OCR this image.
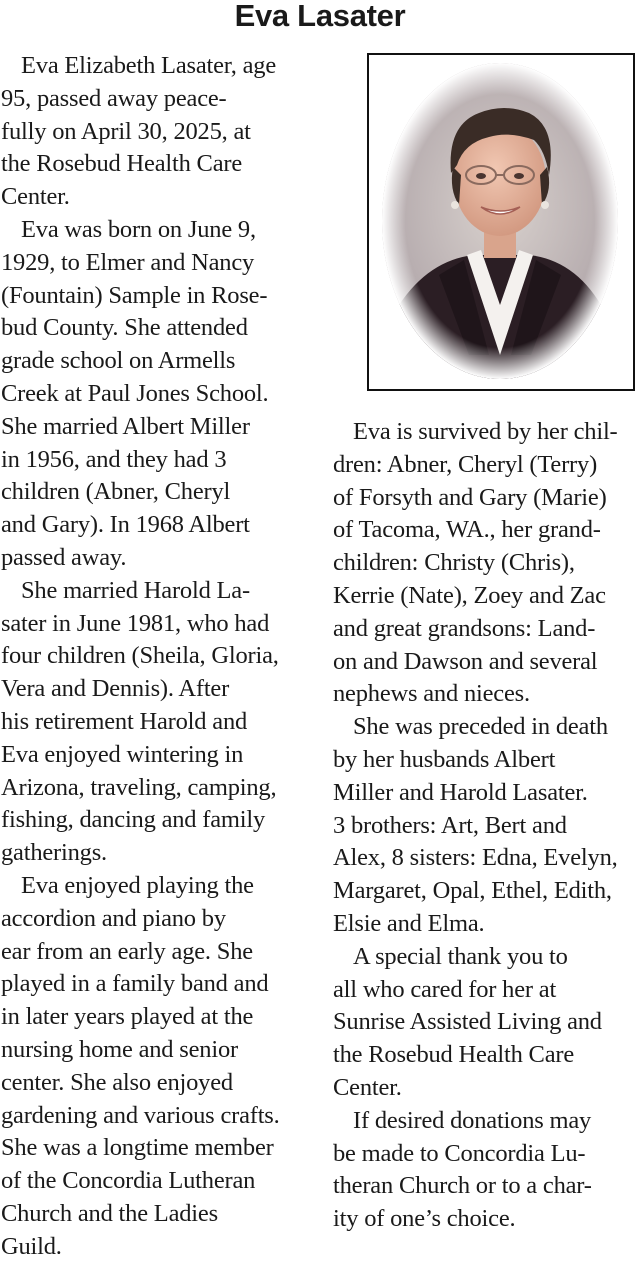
Eva Lasater
Eva Elizabeth Lasater, age
95, passed away peace-
fully on April 30, 2025, at
the Rosebud Health Care
Center.
Eva was born on June 9,
1929, to Elmer and Nancy
(Fountain) Sample in Rose-
bud County. She attended
grade school on Armells
Creek at Paul Jones School.
She married Albert Miller
in 1956, and they had 3
children (Abner, Cheryl
and Gary). In 1968 Albert
passed away.
She married Harold La-
sater in June 1981, who had
four children (Sheila, Gloria,
Vera and Dennis). After
his retirement Harold and
Eva enjoyed wintering in
Arizona, traveling, camping,
fishing, dancing and family
gatherings.
Eva enjoyed playing the
accordion and piano by
ear from an early age. She
played in a family band and
in later years played at the
nursing home and senior
center. She also enjoyed
gardening and various crafts.
She was a longtime member
of the Concordia Lutheran
Church and the Ladies
Guild.
Eva is survived by her chil-
dren: Abner, Cheryl (Terry)
of Forsyth and Gary (Marie)
of Tacoma, WA., her grand-
children: Christy (Chris),
Kerrie (Nate), Zoey and Zac
and great grandsons: Land-
on and Dawson and several
nephews and nieces.
She was preceded in death
by her husbands Albert
Miller and Harold Lasater.
3 brothers: Art, Bert and
Alex, 8 sisters: Edna, Evelyn,
Margaret, Opal, Ethel, Edith,
Elsie and Elma.
A special thank you to
all who cared for her at
Sunrise Assisted Living and
the Rosebud Health Care
Center.
If desired donations may
be made to Concordia Lu-
theran Church or to a char-
ity of one’s choice.
